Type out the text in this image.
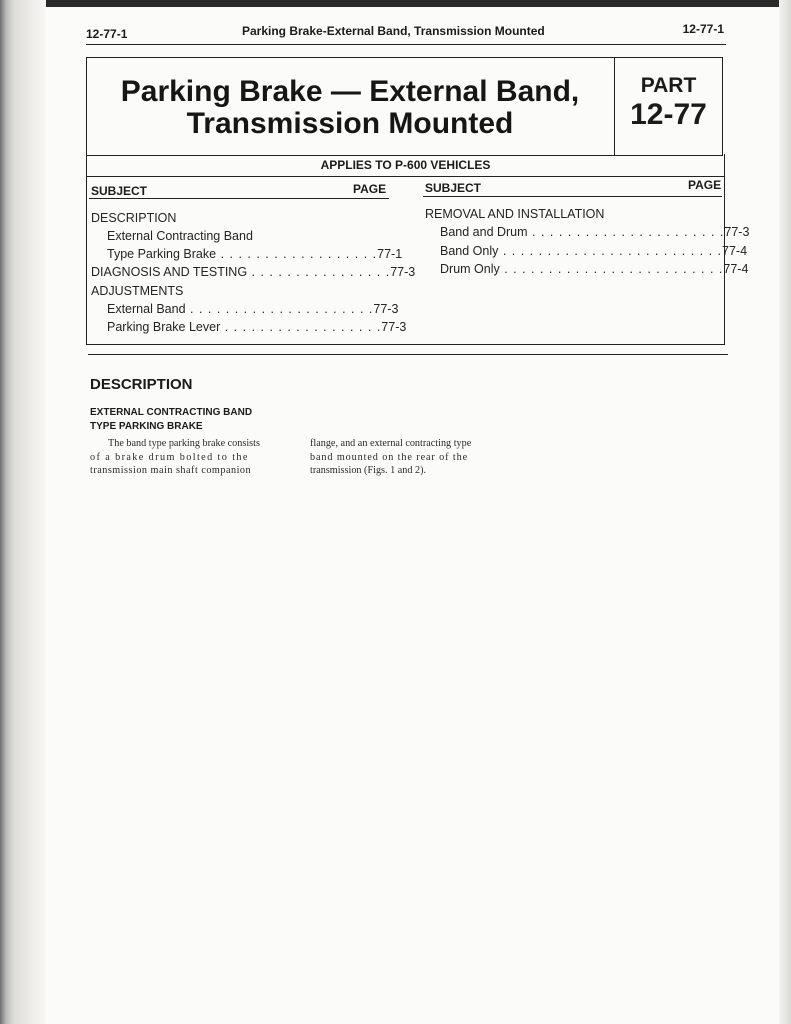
12-77-1	Parking Brake-External Band, Transmission Mounted	12-77-1
Parking Brake — External Band,
Transmission Mounted
PART
12-77
APPLIES TO P-600 VEHICLES
SUBJECT	PAGE	SUBJECT	PAGE
DESCRIPTION
External Contracting Band
Type Parking Brake . . . . . . . . . . . . . . . . . .77-1
DIAGNOSIS AND TESTING . . . . . . . . . . . . . . . .77-3
ADJUSTMENTS
External Band . . . . . . . . . . . . . . . . . . . . .77-3
Parking Brake Lever . . . . . . . . . . . . . . . . . .77-3
REMOVAL AND INSTALLATION
Band and Drum . . . . . . . . . . . . . . . . . . . . . .77-3
Band Only . . . . . . . . . . . . . . . . . . . . . . . . .77-4
Drum Only . . . . . . . . . . . . . . . . . . . . . . . . .77-4
DESCRIPTION
EXTERNAL CONTRACTING BAND
TYPE PARKING BRAKE
The band type parking brake consists
of a brake drum bolted to the
transmission main shaft companion
flange, and an external contracting type
band mounted on the rear of the
transmission (Figs. 1 and 2).
